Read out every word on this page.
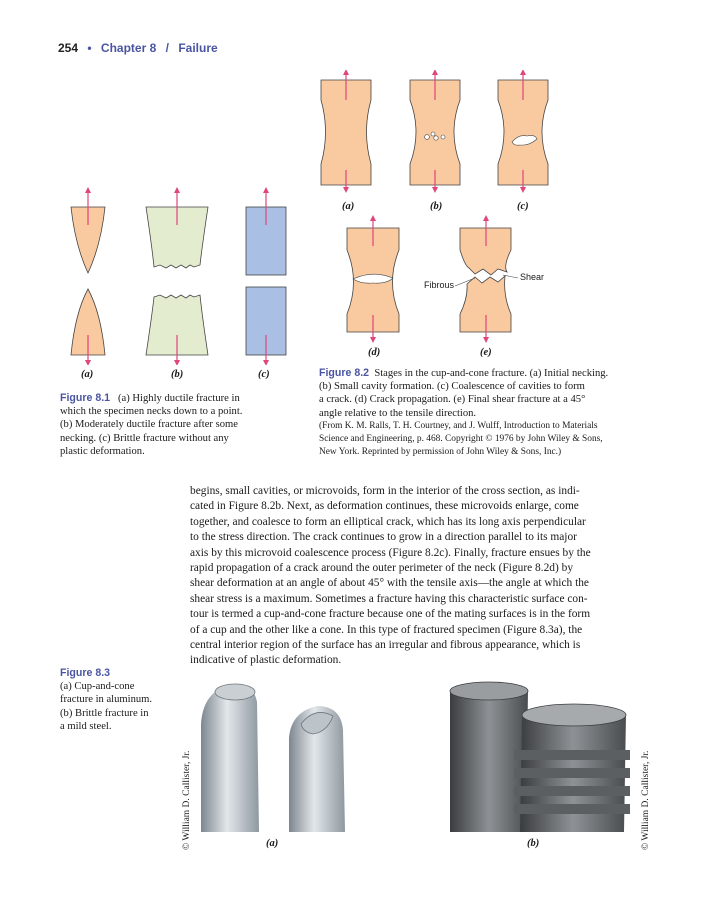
254 • Chapter 8 / Failure
(a)	(b)	(c)
Figure 8.1 (a) Highly ductile fracture in
which the specimen necks down to a point.
(b) Moderately ductile fracture after some
necking. (c) Brittle fracture without any
plastic deformation.
(a)	(b)	(c)
(d)	(e)
Fibrous
Shear
Figure 8.2 Stages in the cup-and-cone fracture. (a) Initial necking.
(b) Small cavity formation. (c) Coalescence of cavities to form
a crack. (d) Crack propagation. (e) Final shear fracture at a 45°
angle relative to the tensile direction.
(From K. M. Ralls, T. H. Courtney, and J. Wulff, Introduction to Materials
Science and Engineering, p. 468. Copyright © 1976 by John Wiley & Sons,
New York. Reprinted by permission of John Wiley & Sons, Inc.)

begins, small cavities, or microvoids, form in the interior of the cross section, as indi-

cated in Figure 8.2b. Next, as deformation continues, these microvoids enlarge, come

together, and coalesce to form an elliptical crack, which has its long axis perpendicular

to the stress direction. The crack continues to grow in a direction parallel to its major

axis by this microvoid coalescence process (Figure 8.2c). Finally, fracture ensues by the

rapid propagation of a crack around the outer perimeter of the neck (Figure 8.2d) by

shear deformation at an angle of about 45° with the tensile axis—the angle at which the

shear stress is a maximum. Sometimes a fracture having this characteristic surface con-

tour is termed a cup-and-cone fracture because one of the mating surfaces is in the form

of a cup and the other like a cone. In this type of fractured specimen (Figure 8.3a), the

central interior region of the surface has an irregular and fibrous appearance, which is

indicative of plastic deformation.

Figure 8.3
(a) Cup-and-cone
fracture in aluminum.
(b) Brittle fracture in
a mild steel.
© William D. Callister, Jr.	© William D. Callister, Jr.
(a)	(b)
